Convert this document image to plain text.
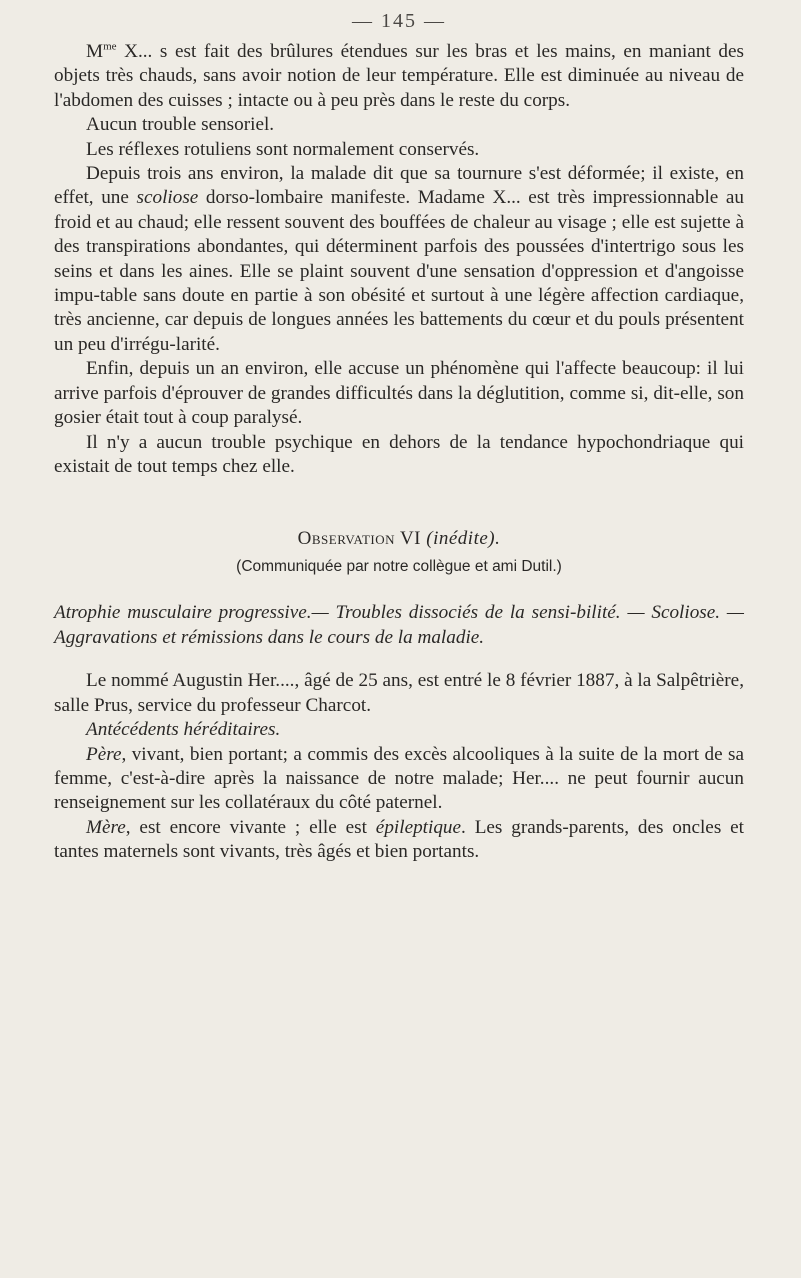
— 145 —

$M^{me}$ X... s est fait des brûlures étendues sur les bras et les mains, en maniant des objets très chauds, sans avoir notion de leur température. Elle est diminuée au niveau de l'abdomen des cuisses ; intacte ou à peu près dans le reste du corps.

Aucun trouble sensoriel.

Les réflexes rotuliens sont normalement conservés.

Depuis trois ans environ, la malade dit que sa tournure s'est déformée; il existe, en effet, une scoliose dorso-lombaire manifeste. Madame X... est très impressionnable au froid et au chaud; elle ressent souvent des bouffées de chaleur au visage ; elle est sujette à des transpirations abondantes, qui déterminent parfois des poussées d'intertrigo sous les seins et dans les aines. Elle se plaint souvent d'une sensation d'oppression et d'angoisse impu-table sans doute en partie à son obésité et surtout à une légère affection cardiaque, très ancienne, car depuis de longues années les battements du cœur et du pouls présentent un peu d'irrégu-larité.

Enfin, depuis un an environ, elle accuse un phénomène qui l'affecte beaucoup: il lui arrive parfois d'éprouver de grandes difficultés dans la déglutition, comme si, dit-elle, son gosier était tout à coup paralysé.

Il n'y a aucun trouble psychique en dehors de la tendance hypochondriaque qui existait de tout temps chez elle.

Observation VI (inédite).
(Communiquée par notre collègue et ami Dutil.)

Atrophie musculaire progressive.— Troubles dissociés de la sensi-bilité. — Scoliose. — Aggravations et rémissions dans le cours de la maladie.

Le nommé Augustin Her...., âgé de 25 ans, est entré le 8 février 1887, à la Salpêtrière, salle Prus, service du professeur Charcot.

Antécédents héréditaires.

Père, vivant, bien portant; a commis des excès alcooliques à la suite de la mort de sa femme, c'est-à-dire après la naissance de notre malade; Her.... ne peut fournir aucun renseignement sur les collatéraux du côté paternel.

Mère, est encore vivante ; elle est épileptique. Les grands-parents, des oncles et tantes maternels sont vivants, très âgés et bien portants.
